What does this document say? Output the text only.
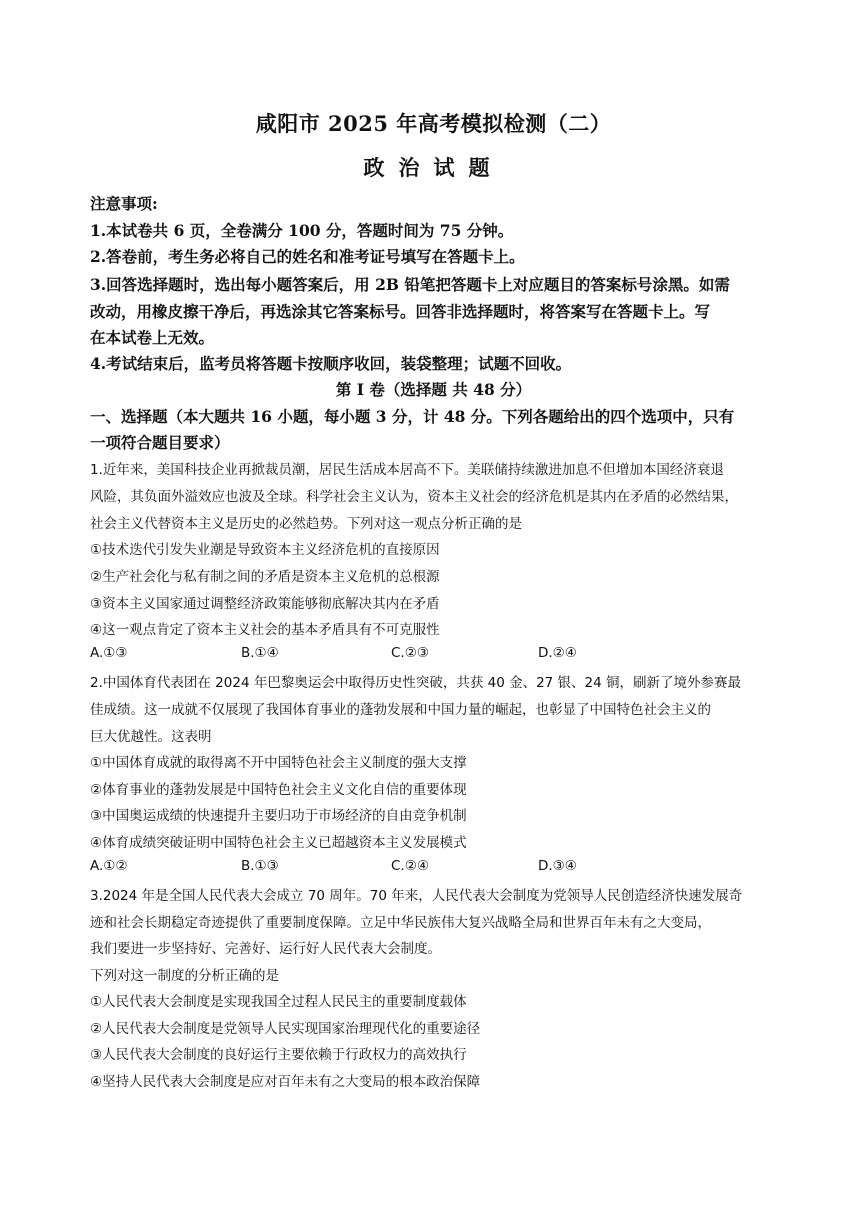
咸阳市 2025 年高考模拟检测（二）
政治试题
注意事项:
1.本试卷共 6 页，全卷满分 100 分，答题时间为 75 分钟。
2.答卷前，考生务必将自己的姓名和准考证号填写在答题卡上。
3.回答选择题时，选出每小题答案后，用 2B 铅笔把答题卡上对应题目的答案标号涂黑。如需
改动，用橡皮擦干净后，再选涂其它答案标号。回答非选择题时，将答案写在答题卡上。写
在本试卷上无效。
4.考试结束后，监考员将答题卡按顺序收回，装袋整理；试题不回收。
第 I 卷（选择题 共 48 分）
一、选择题（本大题共 16 小题，每小题 3 分，计 48 分。下列各题给出的四个选项中，只有
一项符合题目要求）
1.近年来，美国科技企业再掀裁员潮，居民生活成本居高不下。美联储持续激进加息不但增加本国经济衰退
风险，其负面外溢效应也波及全球。科学社会主义认为，资本主义社会的经济危机是其内在矛盾的必然结果，
社会主义代替资本主义是历史的必然趋势。下列对这一观点分析正确的是
①技术迭代引发失业潮是导致资本主义经济危机的直接原因
②生产社会化与私有制之间的矛盾是资本主义危机的总根源
③资本主义国家通过调整经济政策能够彻底解决其内在矛盾
④这一观点肯定了资本主义社会的基本矛盾具有不可克服性
A.①③	B.①④	C.②③	D.②④
2.中国体育代表团在 2024 年巴黎奥运会中取得历史性突破，共获 40 金、27 银、24 铜，刷新了境外参赛最
佳成绩。这一成就不仅展现了我国体育事业的蓬勃发展和中国力量的崛起，也彰显了中国特色社会主义的
巨大优越性。这表明
①中国体育成就的取得离不开中国特色社会主义制度的强大支撑
②体育事业的蓬勃发展是中国特色社会主义文化自信的重要体现
③中国奥运成绩的快速提升主要归功于市场经济的自由竞争机制
④体育成绩突破证明中国特色社会主义已超越资本主义发展模式
A.①②	B.①③	C.②④	D.③④
3.2024 年是全国人民代表大会成立 70 周年。70 年来，人民代表大会制度为党领导人民创造经济快速发展奇
迹和社会长期稳定奇迹提供了重要制度保障。立足中华民族伟大复兴战略全局和世界百年未有之大变局，
我们要进一步坚持好、完善好、运行好人民代表大会制度。
下列对这一制度的分析正确的是
①人民代表大会制度是实现我国全过程人民民主的重要制度载体
②人民代表大会制度是党领导人民实现国家治理现代化的重要途径
③人民代表大会制度的良好运行主要依赖于行政权力的高效执行
④坚持人民代表大会制度是应对百年未有之大变局的根本政治保障
